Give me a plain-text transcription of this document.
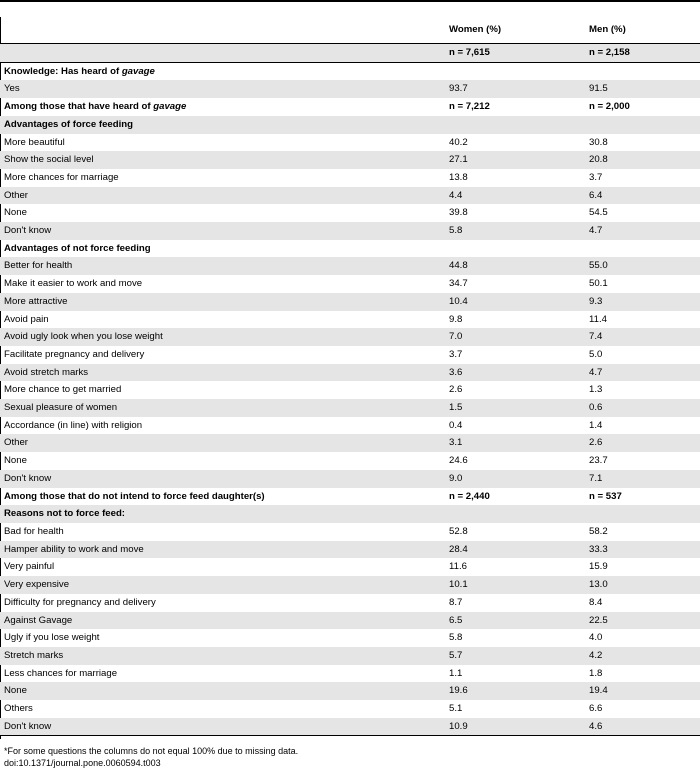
	Women (%)	Men (%)
	n = 7,615	n = 2,158
Knowledge: Has heard of gavage		
Yes	93.7	91.5
Among those that have heard of gavage	n = 7,212	n = 2,000
Advantages of force feeding		
More beautiful	40.2	30.8
Show the social level	27.1	20.8
More chances for marriage	13.8	3.7
Other	4.4	6.4
None	39.8	54.5
Don't know	5.8	4.7
Advantages of not force feeding		
Better for health	44.8	55.0
Make it easier to work and move	34.7	50.1
More attractive	10.4	9.3
Avoid pain	9.8	11.4
Avoid ugly look when you lose weight	7.0	7.4
Facilitate pregnancy and delivery	3.7	5.0
Avoid stretch marks	3.6	4.7
More chance to get married	2.6	1.3
Sexual pleasure of women	1.5	0.6
Accordance (in line) with religion	0.4	1.4
Other	3.1	2.6
None	24.6	23.7
Don't know	9.0	7.1
Among those that do not intend to force feed daughter(s)	n = 2,440	n = 537
Reasons not to force feed:		
Bad for health	52.8	58.2
Hamper ability to work and move	28.4	33.3
Very painful	11.6	15.9
Very expensive	10.1	13.0
Difficulty for pregnancy and delivery	8.7	8.4
Against Gavage	6.5	22.5
Ugly if you lose weight	5.8	4.0
Stretch marks	5.7	4.2
Less chances for marriage	1.1	1.8
None	19.6	19.4
Others	5.1	6.6
Don't know	10.9	4.6
*For some questions the columns do not equal 100% due to missing data.
doi:10.1371/journal.pone.0060594.t003
